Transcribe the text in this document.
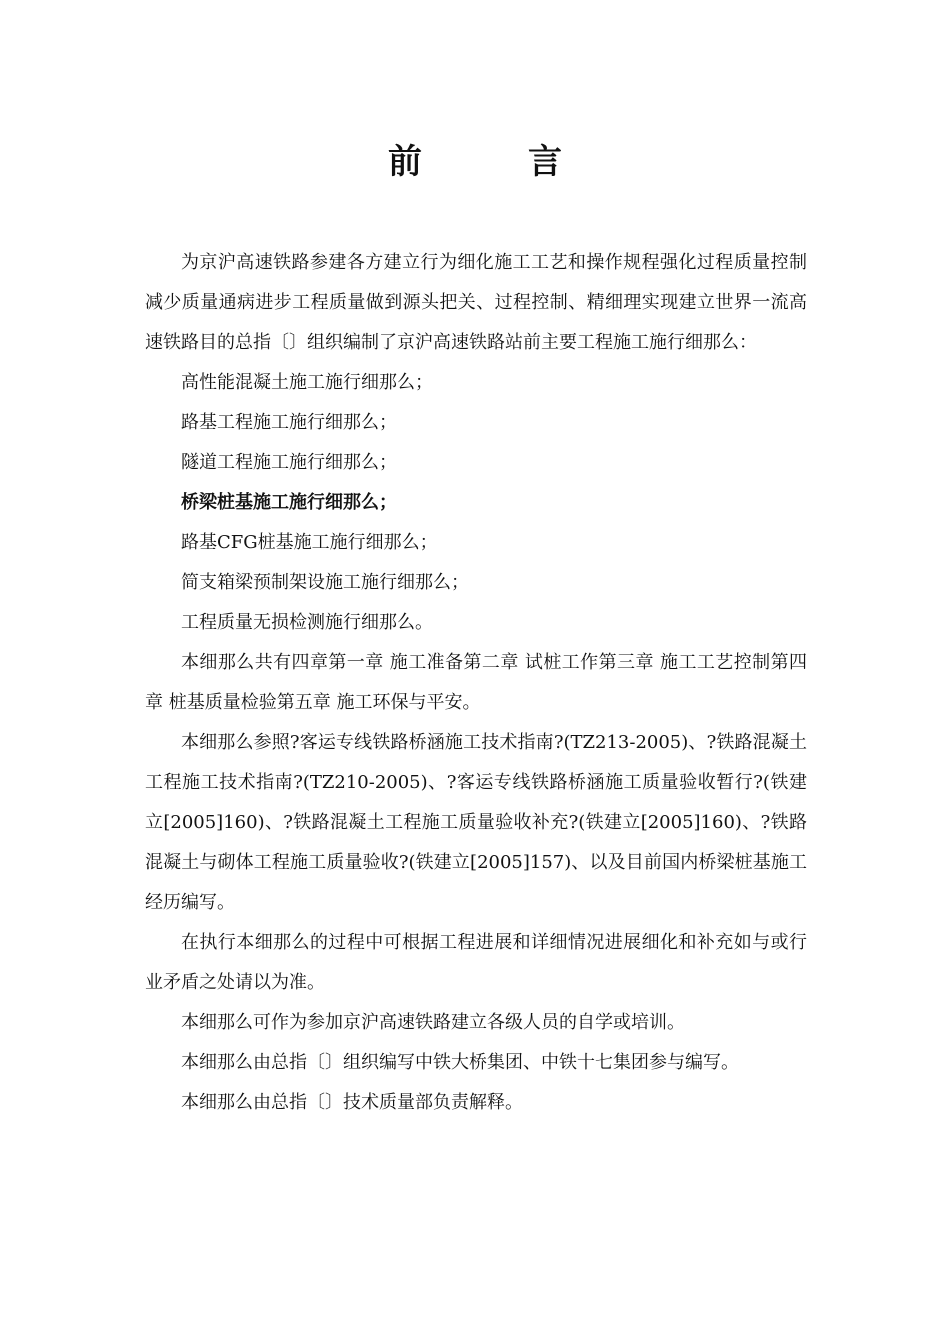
前　言

为京沪高速铁路参建各方建立行为细化施工工艺和操作规程强化过程质量控制减少质量通病进步工程质量做到源头把关、过程控制、精细理实现建立世界一流高速铁路目的总指〔〕组织编制了京沪高速铁路站前主要工程施工施行细那么：

高性能混凝土施工施行细那么；
路基工程施工施行细那么；
隧道工程施工施行细那么；
桥梁桩基施工施行细那么；
路基CFG桩基施工施行细那么；
简支箱梁预制架设施工施行细那么；
工程质量无损检测施行细那么。

本细那么共有四章第一章 施工准备第二章 试桩工作第三章 施工工艺控制第四章 桩基质量检验第五章 施工环保与平安。

本细那么参照?客运专线铁路桥涵施工技术指南?(TZ213-2005)、?铁路混凝土工程施工技术指南?(TZ210-2005)、?客运专线铁路桥涵施工质量验收暂行?(铁建立[2005]160)、?铁路混凝土工程施工质量验收补充?(铁建立[2005]160)、?铁路混凝土与砌体工程施工质量验收?(铁建立[2005]157)、以及目前国内桥梁桩基施工经历编写。

在执行本细那么的过程中可根据工程进展和详细情况进展细化和补充如与或行业矛盾之处请以为准。

本细那么可作为参加京沪高速铁路建立各级人员的自学或培训。

本细那么由总指〔〕组织编写中铁大桥集团、中铁十七集团参与编写。

本细那么由总指〔〕技术质量部负责解释。
